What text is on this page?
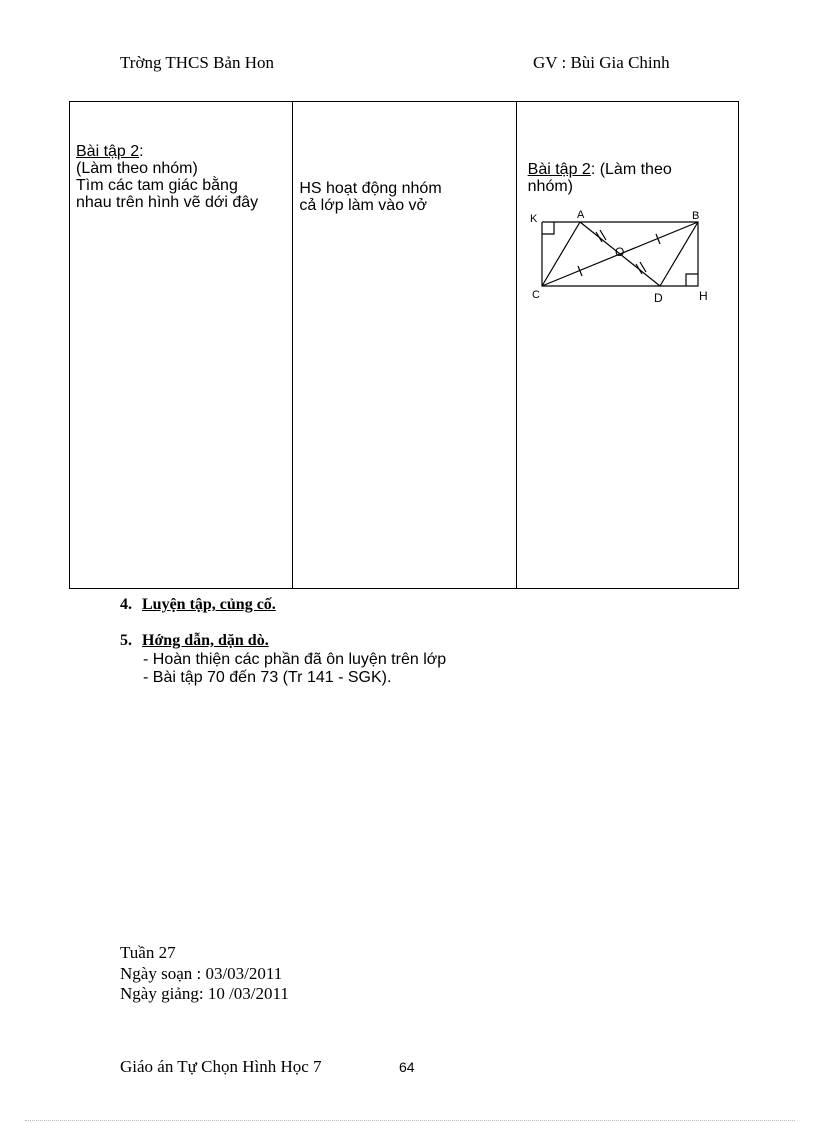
Trờng THCS Bản Hon	GV : Bùi Gia Chinh
Bài tập 2:
(Làm theo nhóm)
Tìm các tam giác bằng
nhau trên hình vẽ dới đây

HS hoạt động nhóm
cả lớp làm vào vở

Bài tập 2: (Làm theo
nhóm)
K	A	B
O
C	D	H
4. Luyện tập, củng cố.
5. Hớng dẫn, dặn dò.
- Hoàn thiện các phần đã ôn luyện trên lớp
- Bài tập 70 đến 73 (Tr 141 - SGK).
Tuần 27
Ngày soạn : 03/03/2011
Ngày giảng: 10 /03/2011
Giáo án Tự Chọn Hình Học 7	64
